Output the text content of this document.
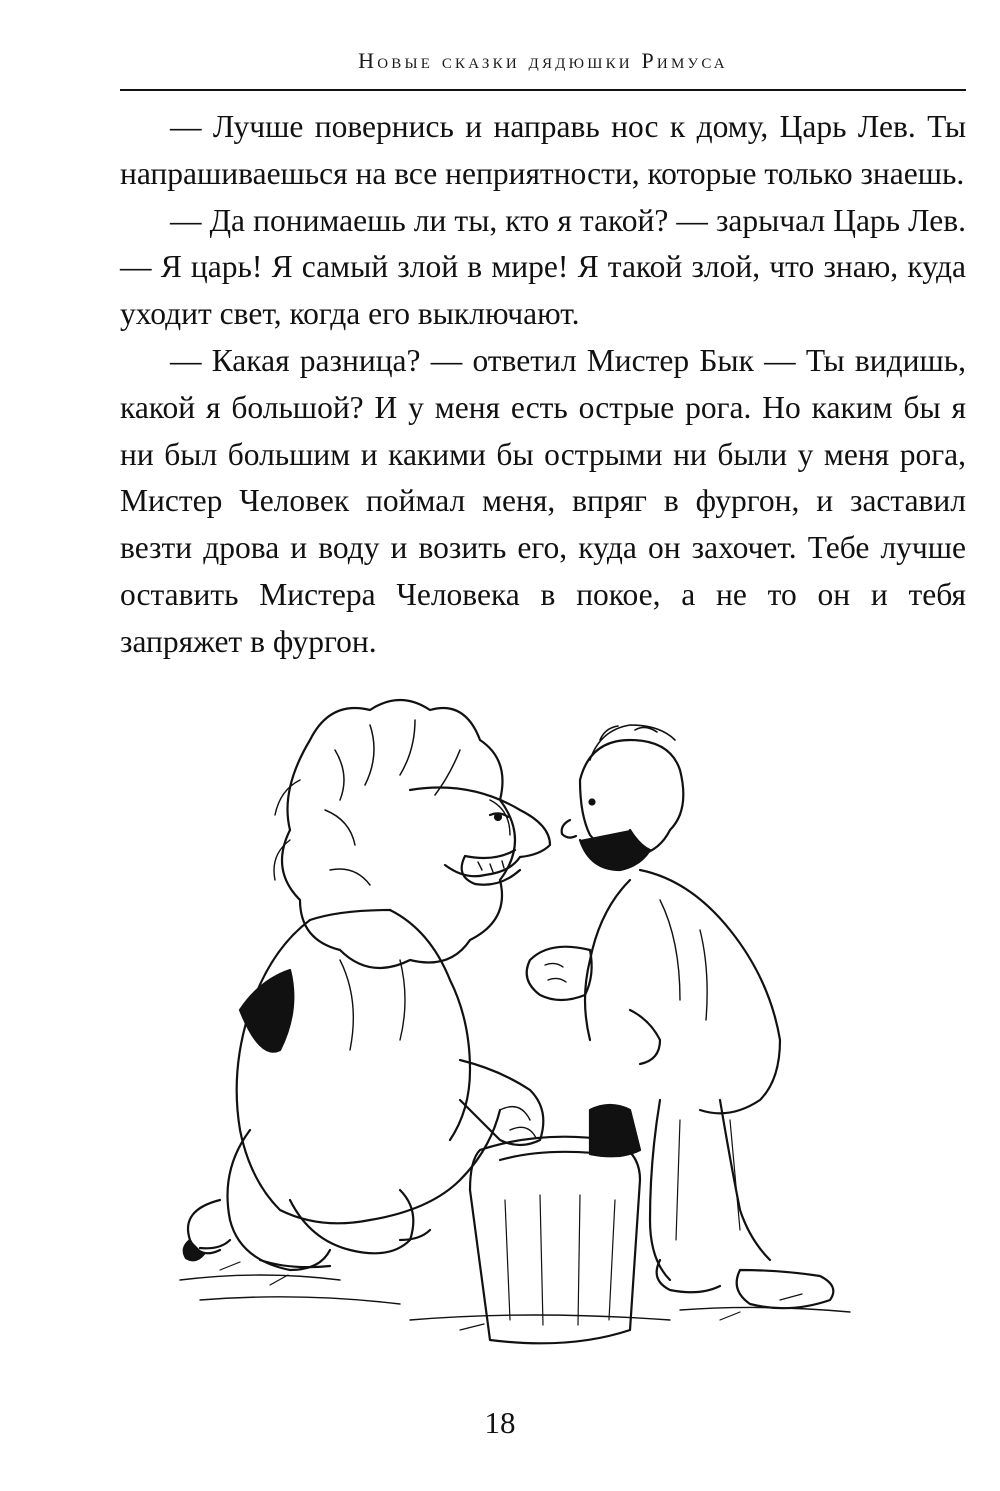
Новые сказки дядюшки Римуса

— Лучше повернись и направь нос к дому, Царь Лев. Ты напрашиваешься на все неприятности, которые только знаешь.

— Да понимаешь ли ты, кто я такой? — зарычал Царь Лев. — Я царь! Я самый злой в мире! Я такой злой, что знаю, куда уходит свет, когда его выключают.

— Какая разница? — ответил Мистер Бык — Ты видишь, какой я большой? И у меня есть острые рога. Но каким бы я ни был большим и какими бы острыми ни были у меня рога, Мистер Человек поймал меня, впряг в фургон, и заставил везти дрова и воду и возить его, куда он захочет. Тебе лучше оставить Мистера Человека в покое, а не то он и тебя запряжет в фургон.

18
